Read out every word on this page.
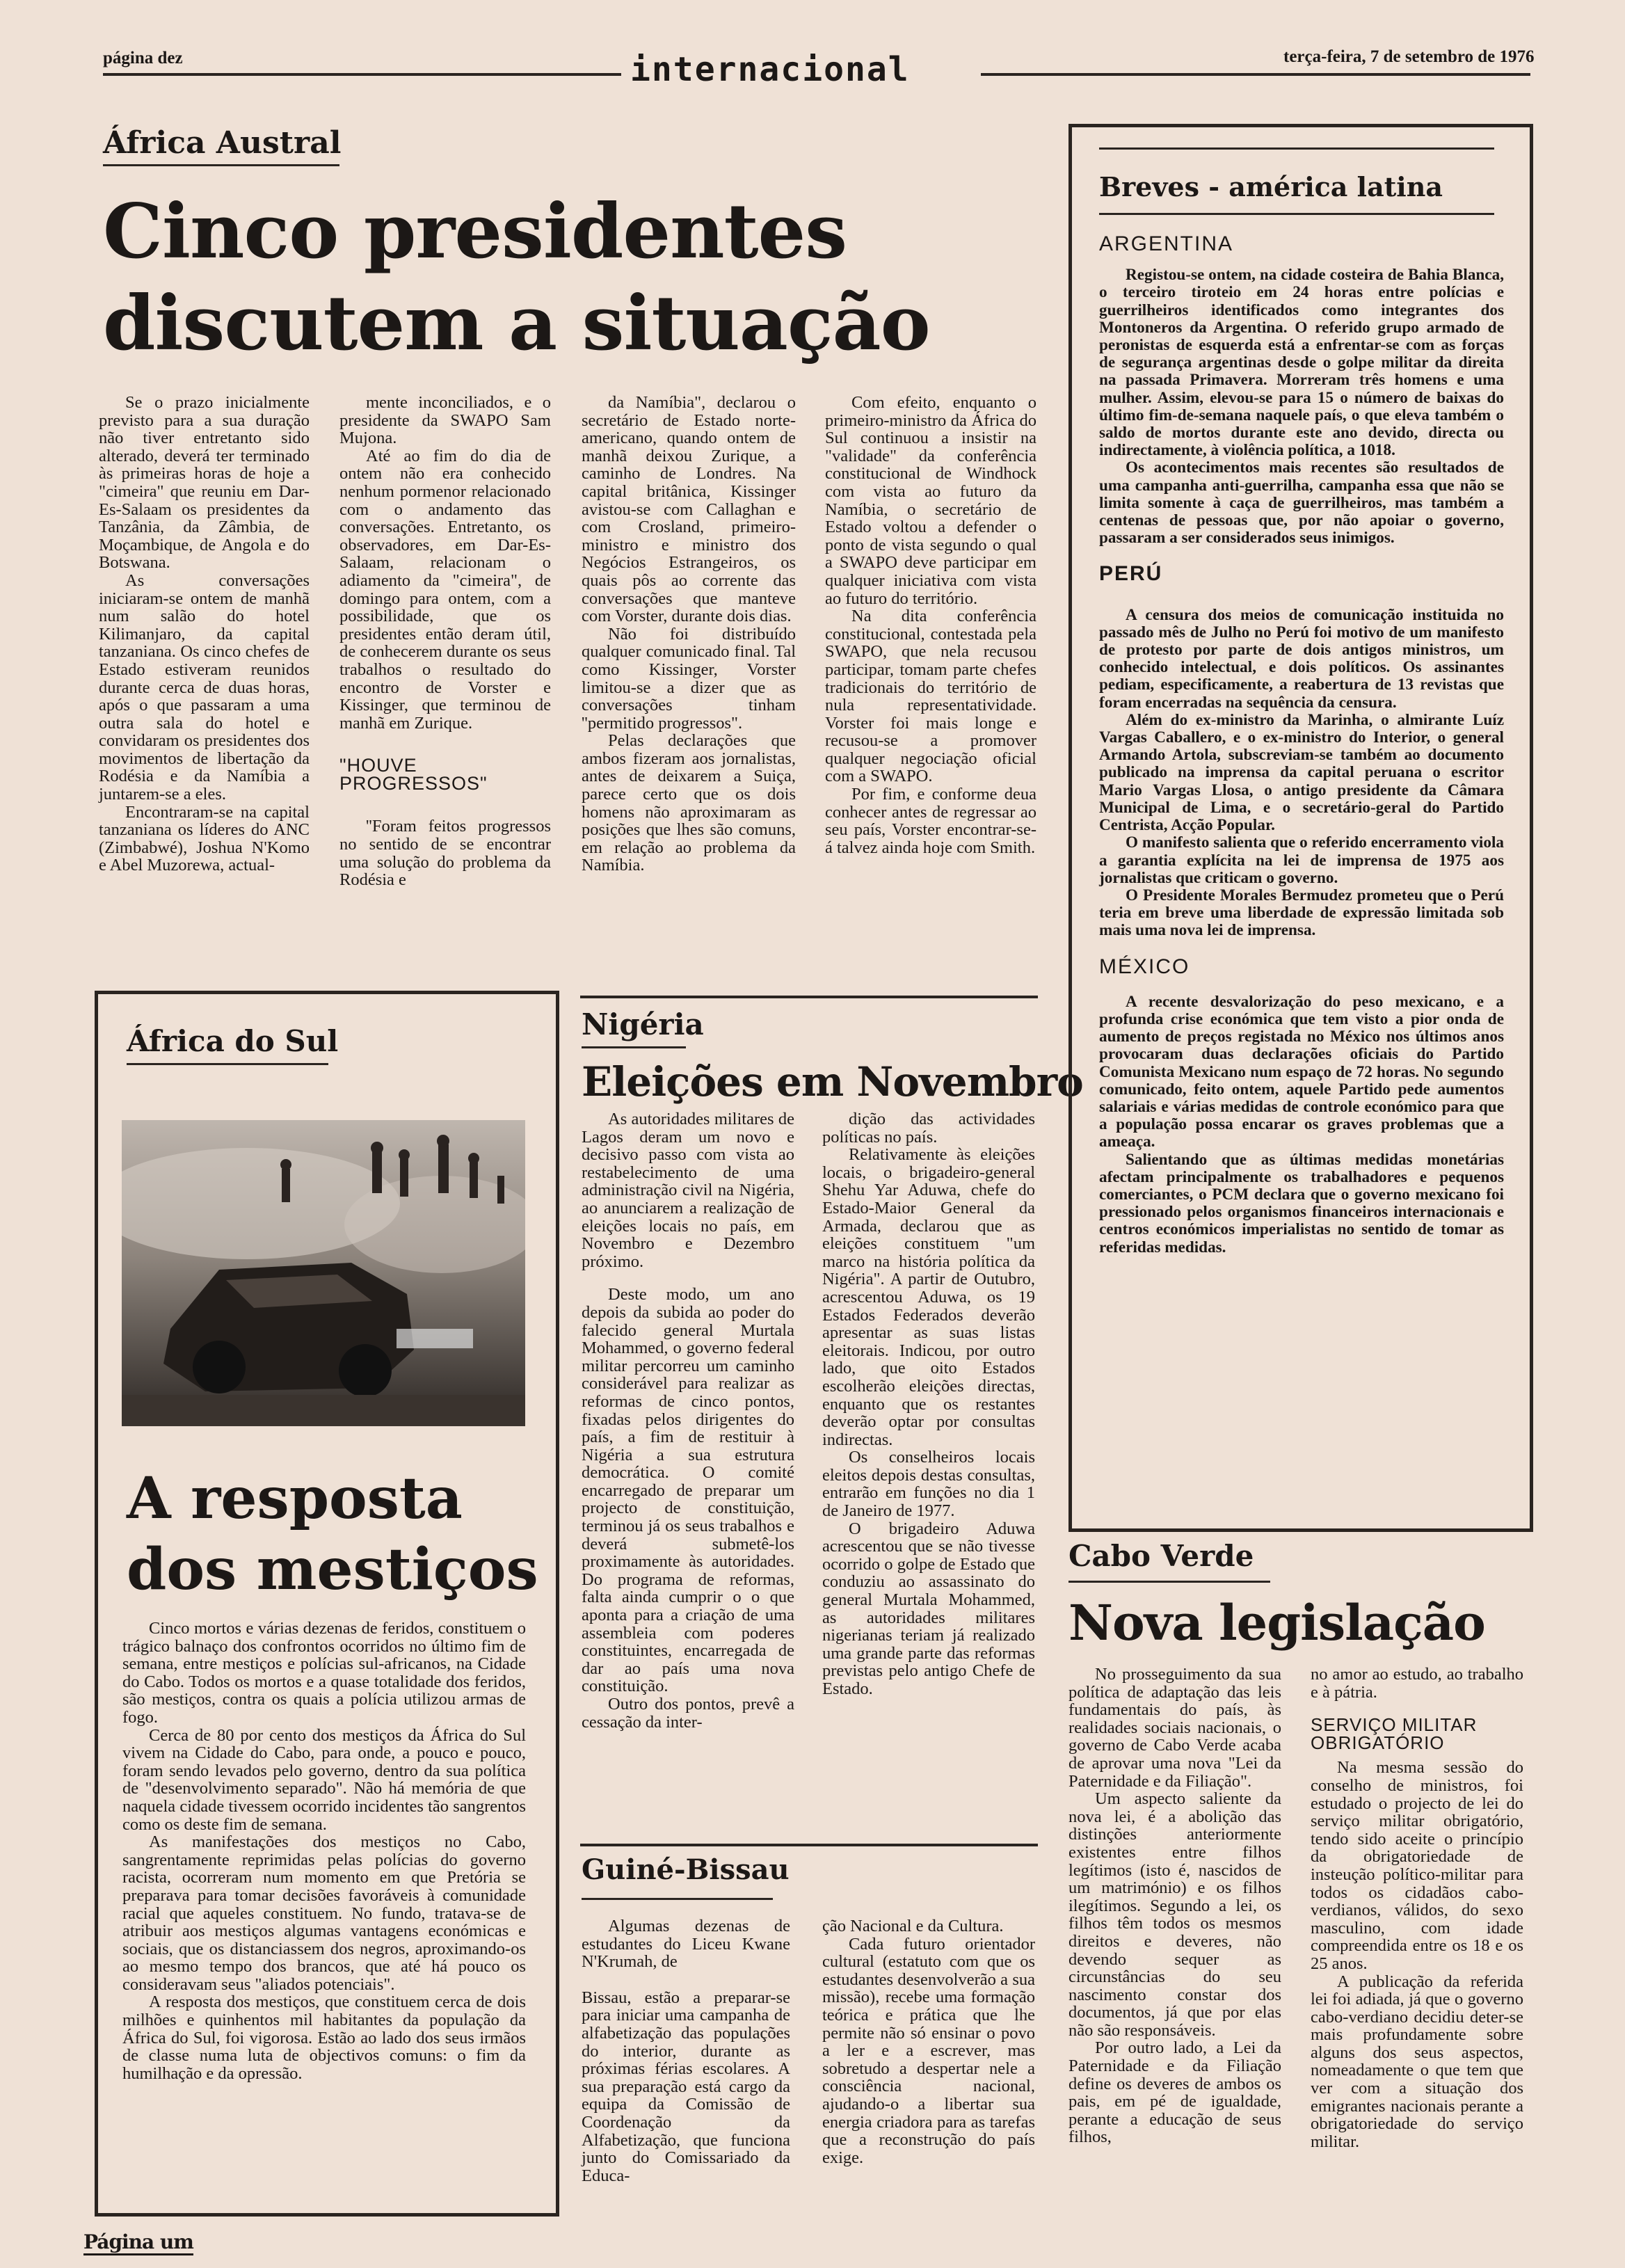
página dez	internacional	terça-feira, 7 de setembro de 1976
África Austral
Cinco presidentes
discutem a situação

Se o prazo inicialmente previsto para a sua duração não tiver entretanto sido alterado, deverá ter terminado às primeiras horas de hoje a "cimeira" que reuniu em Dar-Es-Salaam os presidentes da Tanzânia, da Zâmbia, de Moçambique, de Angola e do Botswana.

As conversações iniciaram-se ontem de manhã num salão do hotel Kilimanjaro, da capital tanzaniana. Os cinco chefes de Estado estiveram reunidos durante cerca de duas horas, após o que passaram a uma outra sala do hotel e convidaram os presidentes dos movimentos de libertação da Rodésia e da Namíbia a juntarem-se a eles.

Encontraram-se na capital tanzaniana os líderes do ANC (Zimbabwé), Joshua N'Komo e Abel Muzorewa, actual-

mente inconciliados, e o presidente da SWAPO Sam Mujona.

Até ao fim do dia de ontem não era conhecido nenhum pormenor relacionado com o andamento das conversações. Entretanto, os observadores, em Dar-Es-Salaam, relacionam o adiamento da "cimeira", de domingo para ontem, com a possibilidade, que os presidentes então deram útil, de conhecerem durante os seus trabalhos o resultado do encontro de Vorster e Kissinger, que terminou de manhã em Zurique.

"HOUVE PROGRESSOS"

''Foram feitos progressos no sentido de se encontrar uma solução do problema da Rodésia e

da Namíbia", declarou o secretário de Estado norte-americano, quando ontem de manhã deixou Zurique, a caminho de Londres. Na capital britânica, Kissinger avistou-se com Callaghan e com Crosland, primeiro-ministro e ministro dos Negócios Estrangeiros, os quais pôs ao corrente das conversações que manteve com Vorster, durante dois dias.

Não foi distribuído qualquer comunicado final. Tal como Kissinger, Vorster limitou-se a dizer que as conversações tinham ''permitido progressos".

Pelas declarações que ambos fizeram aos jornalistas, antes de deixarem a Suiça, parece certo que os dois homens não aproximaram as posições que lhes são comuns, em relação ao problema da Namíbia.

Com efeito, enquanto o primeiro-ministro da África do Sul continuou a insistir na "validade" da conferência constitucional de Windhock com vista ao futuro da Namíbia, o secretário de Estado voltou a defender o ponto de vista segundo o qual a SWAPO deve participar em qualquer iniciativa com vista ao futuro do território.

Na dita conferência constitucional, contestada pela SWAPO, que nela recusou participar, tomam parte chefes tradicionais do território de nula representatividade. Vorster foi mais longe e recusou-se a promover qualquer negociação oficial com a SWAPO.

Por fim, e conforme deua conhecer antes de regressar ao seu país, Vorster encontrar-se-á talvez ainda hoje com Smith.

África do Sul
A resposta
dos mestiços

Cinco mortos e várias dezenas de feridos, constituem o trágico balnaço dos confrontos ocorridos no último fim de semana, entre mestiços e polícias sul-africanos, na Cidade do Cabo. Todos os mortos e a quase totalidade dos feridos, são mestiços, contra os quais a polícia utilizou armas de fogo.

Cerca de 80 por cento dos mestiços da África do Sul vivem na Cidade do Cabo, para onde, a pouco e pouco, foram sendo levados pelo governo, dentro da sua política de "desenvolvimento separado". Não há memória de que naquela cidade tivessem ocorrido incidentes tão sangrentos como os deste fim de semana.

As manifestações dos mestiços no Cabo, sangrentamente reprimidas pelas polícias do governo racista, ocorreram num momento em que Pretória se preparava para tomar decisões favoráveis à comunidade racial que aqueles constituem. No fundo, tratava-se de atribuir aos mestiços algumas vantagens económicas e sociais, que os distanciassem dos negros, aproximando-os ao mesmo tempo dos brancos, que até há pouco os consideravam seus "aliados potenciais".

A resposta dos mestiços, que constituem cerca de dois milhões e quinhentos mil habitantes da população da África do Sul, foi vigorosa. Estão ao lado dos seus irmãos de classe numa luta de objectivos comuns: o fim da humilhação e da opressão.

Nigéria
Eleições em Novembro

As autoridades militares de Lagos deram um novo e decisivo passo com vista ao restabelecimento de uma administração civil na Nigéria, ao anunciarem a realização de eleições locais no país, em Novembro e Dezembro próximo.

Deste modo, um ano depois da subida ao poder do falecido general Murtala Mohammed, o governo federal militar percorreu um caminho considerável para realizar as reformas de cinco pontos, fixadas pelos dirigentes do país, a fim de restituir à Nigéria a sua estrutura democrática. O comité encarregado de preparar um projecto de constituição, terminou já os seus trabalhos e deverá submetê-los proximamente às autoridades. Do programa de reformas, falta ainda cumprir o o que aponta para a criação de uma assembleia com poderes constituintes, encarregada de dar ao país uma nova constituição.

Outro dos pontos, prevê a cessação da inter-

dição das actividades políticas no país.

Relativamente às eleições locais, o brigadeiro-general Shehu Yar Aduwa, chefe do Estado-Maior General da Armada, declarou que as eleições constituem "um marco na história política da Nigéria". A partir de Outubro, acrescentou Aduwa, os 19 Estados Federados deverão apresentar as suas listas eleitorais. Indicou, por outro lado, que oito Estados escolherão eleições directas, enquanto que os restantes deverão optar por consultas indirectas.

Os conselheiros locais eleitos depois destas consultas, entrarão em funções no dia 1 de Janeiro de 1977.

O brigadeiro Aduwa acrescentou que se não tivesse ocorrido o golpe de Estado que conduziu ao assassinato do general Murtala Mohammed, as autoridades militares nigerianas teriam já realizado uma grande parte das reformas previstas pelo antigo Chefe de Estado.

Guiné-Bissau

Algumas dezenas de estudantes do Liceu Kwane N'Krumah, de

Bissau, estão a preparar-se para iniciar uma campanha de alfabetização das populações do interior, durante as próximas férias escolares. A sua preparação está cargo da equipa da Comissão de Coordenação da Alfabetização, que funciona junto do Comissariado da Educa-

ção Nacional e da Cultura.

Cada futuro orientador cultural (estatuto com que os estudantes desenvolverão a sua missão), recebe uma formação teórica e prática que lhe permite não só ensinar o povo a ler e a escrever, mas sobretudo a despertar nele a consciência nacional, ajudando-o a libertar sua energia criadora para as tarefas que a reconstrução do país exige.

Breves - américa latina
ARGENTINA

Registou-se ontem, na cidade costeira de Bahia Blanca, o terceiro tiroteio em 24 horas entre polícias e guerrilheiros identificados como integrantes dos Montoneros da Argentina. O referido grupo armado de peronistas de esquerda está a enfrentar-se com as forças de segurança argentinas desde o golpe militar da direita na passada Primavera. Morreram três homens e uma mulher. Assim, elevou-se para 15 o número de baixas do último fim-de-semana naquele país, o que eleva também o saldo de mortos durante este ano devido, directa ou indirectamente, à violência política, a 1018.

Os acontecimentos mais recentes são resultados de uma campanha anti-guerrilha, campanha essa que não se limita somente à caça de guerrilheiros, mas também a centenas de pessoas que, por não apoiar o governo, passaram a ser considerados seus inimigos.

PERÚ

A censura dos meios de comunicação instituida no passado mês de Julho no Perú foi motivo de um manifesto de protesto por parte de dois antigos ministros, um conhecido intelectual, e dois políticos. Os assinantes pediam, especificamente, a reabertura de 13 revistas que foram encerradas na sequência da censura.

Além do ex-ministro da Marinha, o almirante Luíz Vargas Caballero, e o ex-ministro do Interior, o general Armando Artola, subscreviam-se também ao documento publicado na imprensa da capital peruana o escritor Mario Vargas Llosa, o antigo presidente da Câmara Municipal de Lima, e o secretário-geral do Partido Centrista, Acção Popular.

O manifesto salienta que o referido encerramento viola a garantia explícita na lei de imprensa de 1975 aos jornalistas que criticam o governo.

O Presidente Morales Bermudez prometeu que o Perú teria em breve uma liberdade de expressão limitada sob mais uma nova lei de imprensa.

MÉXICO

A recente desvalorização do peso mexicano, e a profunda crise económica que tem visto a pior onda de aumento de preços registada no México nos últimos anos provocaram duas declarações oficiais do Partido Comunista Mexicano num espaço de 72 horas. No segundo comunicado, feito ontem, aquele Partido pede aumentos salariais e várias medidas de controle económico para que a população possa encarar os graves problemas que a ameaça.

Salientando que as últimas medidas monetárias afectam principalmente os trabalhadores e pequenos comerciantes, o PCM declara que o governo mexicano foi pressionado pelos organismos financeiros internacionais e centros económicos imperialistas no sentido de tomar as referidas medidas.

Cabo Verde
Nova legislação

No prosseguimento da sua política de adaptação das leis fundamentais do país, às realidades sociais nacionais, o governo de Cabo Verde acaba de aprovar uma nova "Lei da Paternidade e da Filiação".

Um aspecto saliente da nova lei, é a abolição das distinções anteriormente existentes entre filhos legítimos (isto é, nascidos de um matrimónio) e os filhos ilegítimos. Segundo a lei, os filhos têm todos os mesmos direitos e deveres, não devendo sequer as circunstâncias do seu nascimento constar dos documentos, já que por elas não são responsáveis.

Por outro lado, a Lei da Paternidade e da Filiação define os deveres de ambos os pais, em pé de igualdade, perante a educação de seus filhos,

no amor ao estudo, ao trabalho e à pátria.

SERVIÇO MILITAR OBRIGATÓRIO

Na mesma sessão do conselho de ministros, foi estudado o projecto de lei do serviço militar obrigatório, tendo sido aceite o princípio da obrigatoriedade de insteução político-militar para todos os cidadãos cabo-verdianos, válidos, do sexo masculino, com idade compreendida entre os 18 e os 25 anos.

A publicação da referida lei foi adiada, já que o governo cabo-verdiano decidiu deter-se mais profundamente sobre alguns dos seus aspectos, nomeadamente o que tem que ver com a situação dos emigrantes nacionais perante a obrigatoriedade do serviço militar.

Página um
